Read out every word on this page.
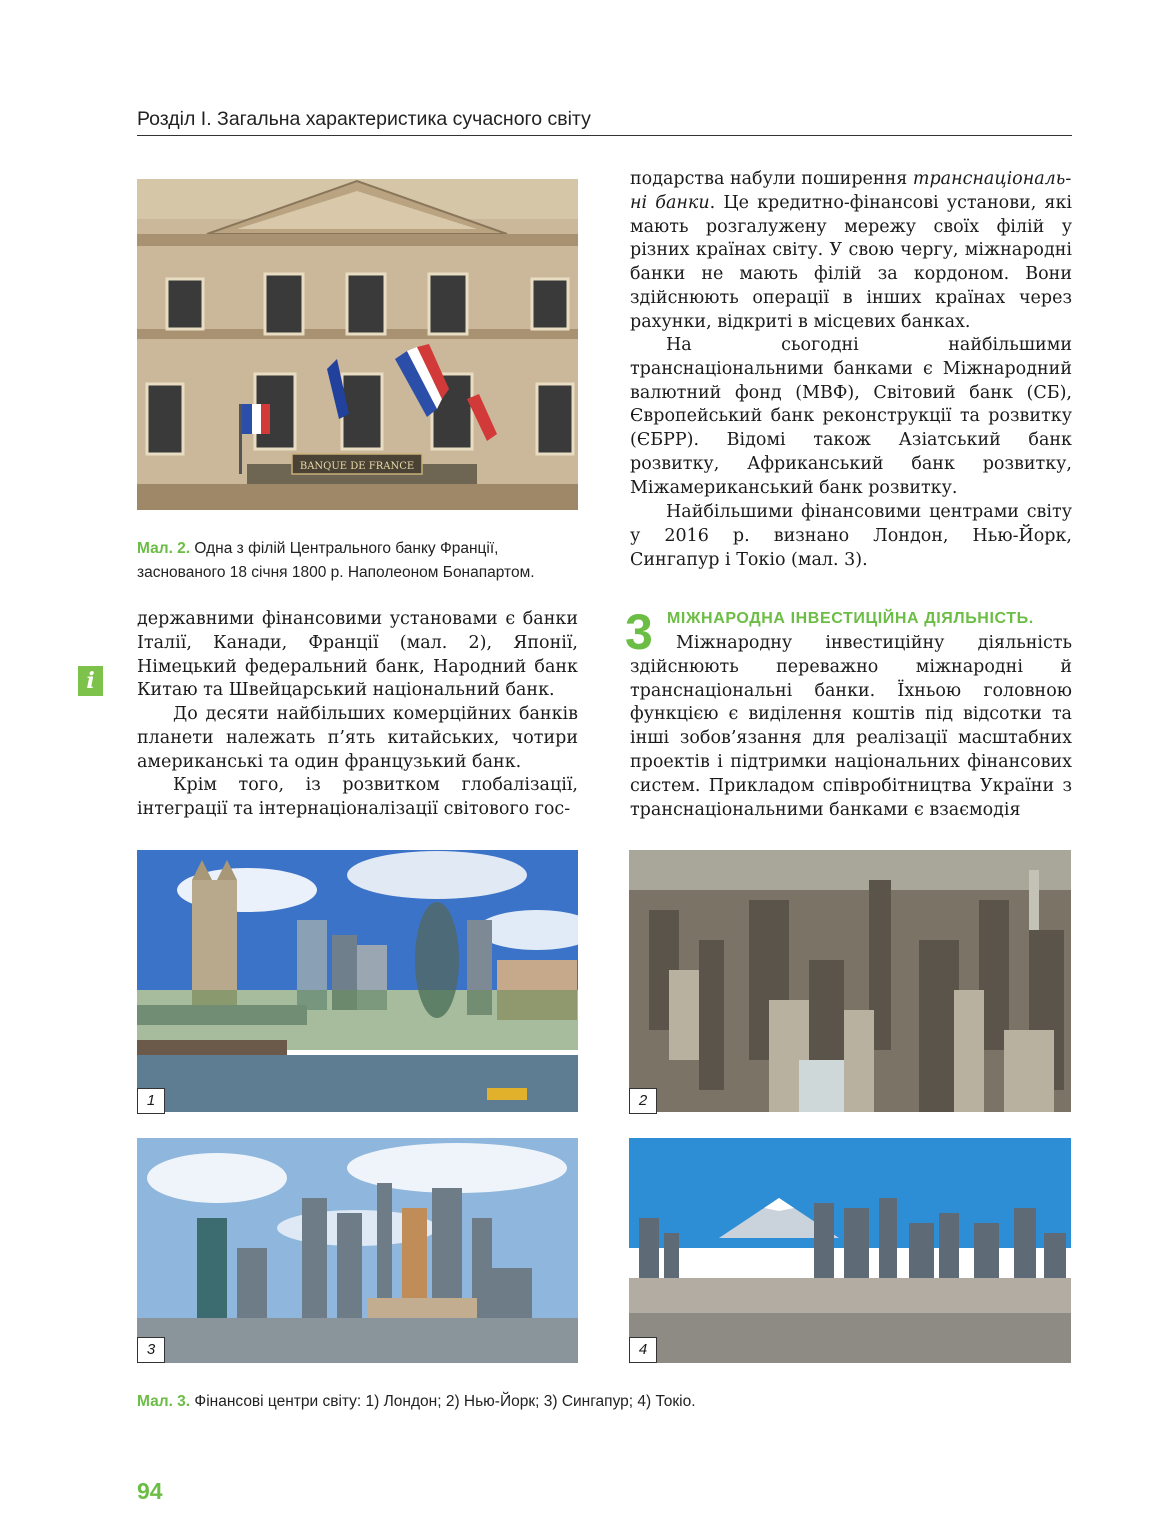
Розділ І. Загальна характеристика сучасного світу
BANQUE DE FRANCE
Мал. 2. Одна з філій Центрального банку Франції,
заснованого 18 січня 1800 р. Наполеоном Бонапартом.

подарства набули поширення транснаціональ-
ні банки. Це кредитно-фінансові установи, які мають розгалужену мережу своїх філій у різних країнах світу. У свою чергу, міжнародні банки не мають філій за кордоном. Вони здійснюють операції в інших країнах через рахунки, відкриті в місцевих банках.

На сьогодні найбільшими транснаціональними банками є Міжнародний валютний фонд (МВФ), Світовий банк (СБ), Європейський банк реконструкції та розвитку (ЄБРР). Відомі також Азіатський банк розвитку, Африканський банк розвитку, Міжамериканський банк розвитку.

Найбільшими фінансовими центрами світу у 2016 р. визнано Лондон, Нью-Йорк, Сингапур і Токіо (мал. 3).

i

державними фінансовими установами є банки Італії, Канади, Франції (мал. 2), Японії, Німецький федеральний банк, Народний банк Китаю та Швейцарський національний банк.

До десяти найбільших комерційних банків планети належать п’ять китайських, чотири американські та один французький банк.

Крім того, із розвитком глобалізації, інтеграції та інтернаціоналізації світового гос-

3 МІЖНАРОДНА ІНВЕСТИЦІЙНА ДІЯЛЬНІСТЬ.

Міжнародну інвестиційну діяльність здійснюють переважно міжнародні й транснаціональні банки. Їхньою головною функцією є виділення коштів під відсотки та інші зобов’язання для реалізації масштабних проектів і підтримки національних фінансових систем. Прикладом співробітництва України з транснаціональними банками є взаємодія

1	2
3	4
Мал. 3. Фінансові центри світу: 1) Лондон; 2) Нью-Йорк; 3) Сингапур; 4) Токіо.
94
